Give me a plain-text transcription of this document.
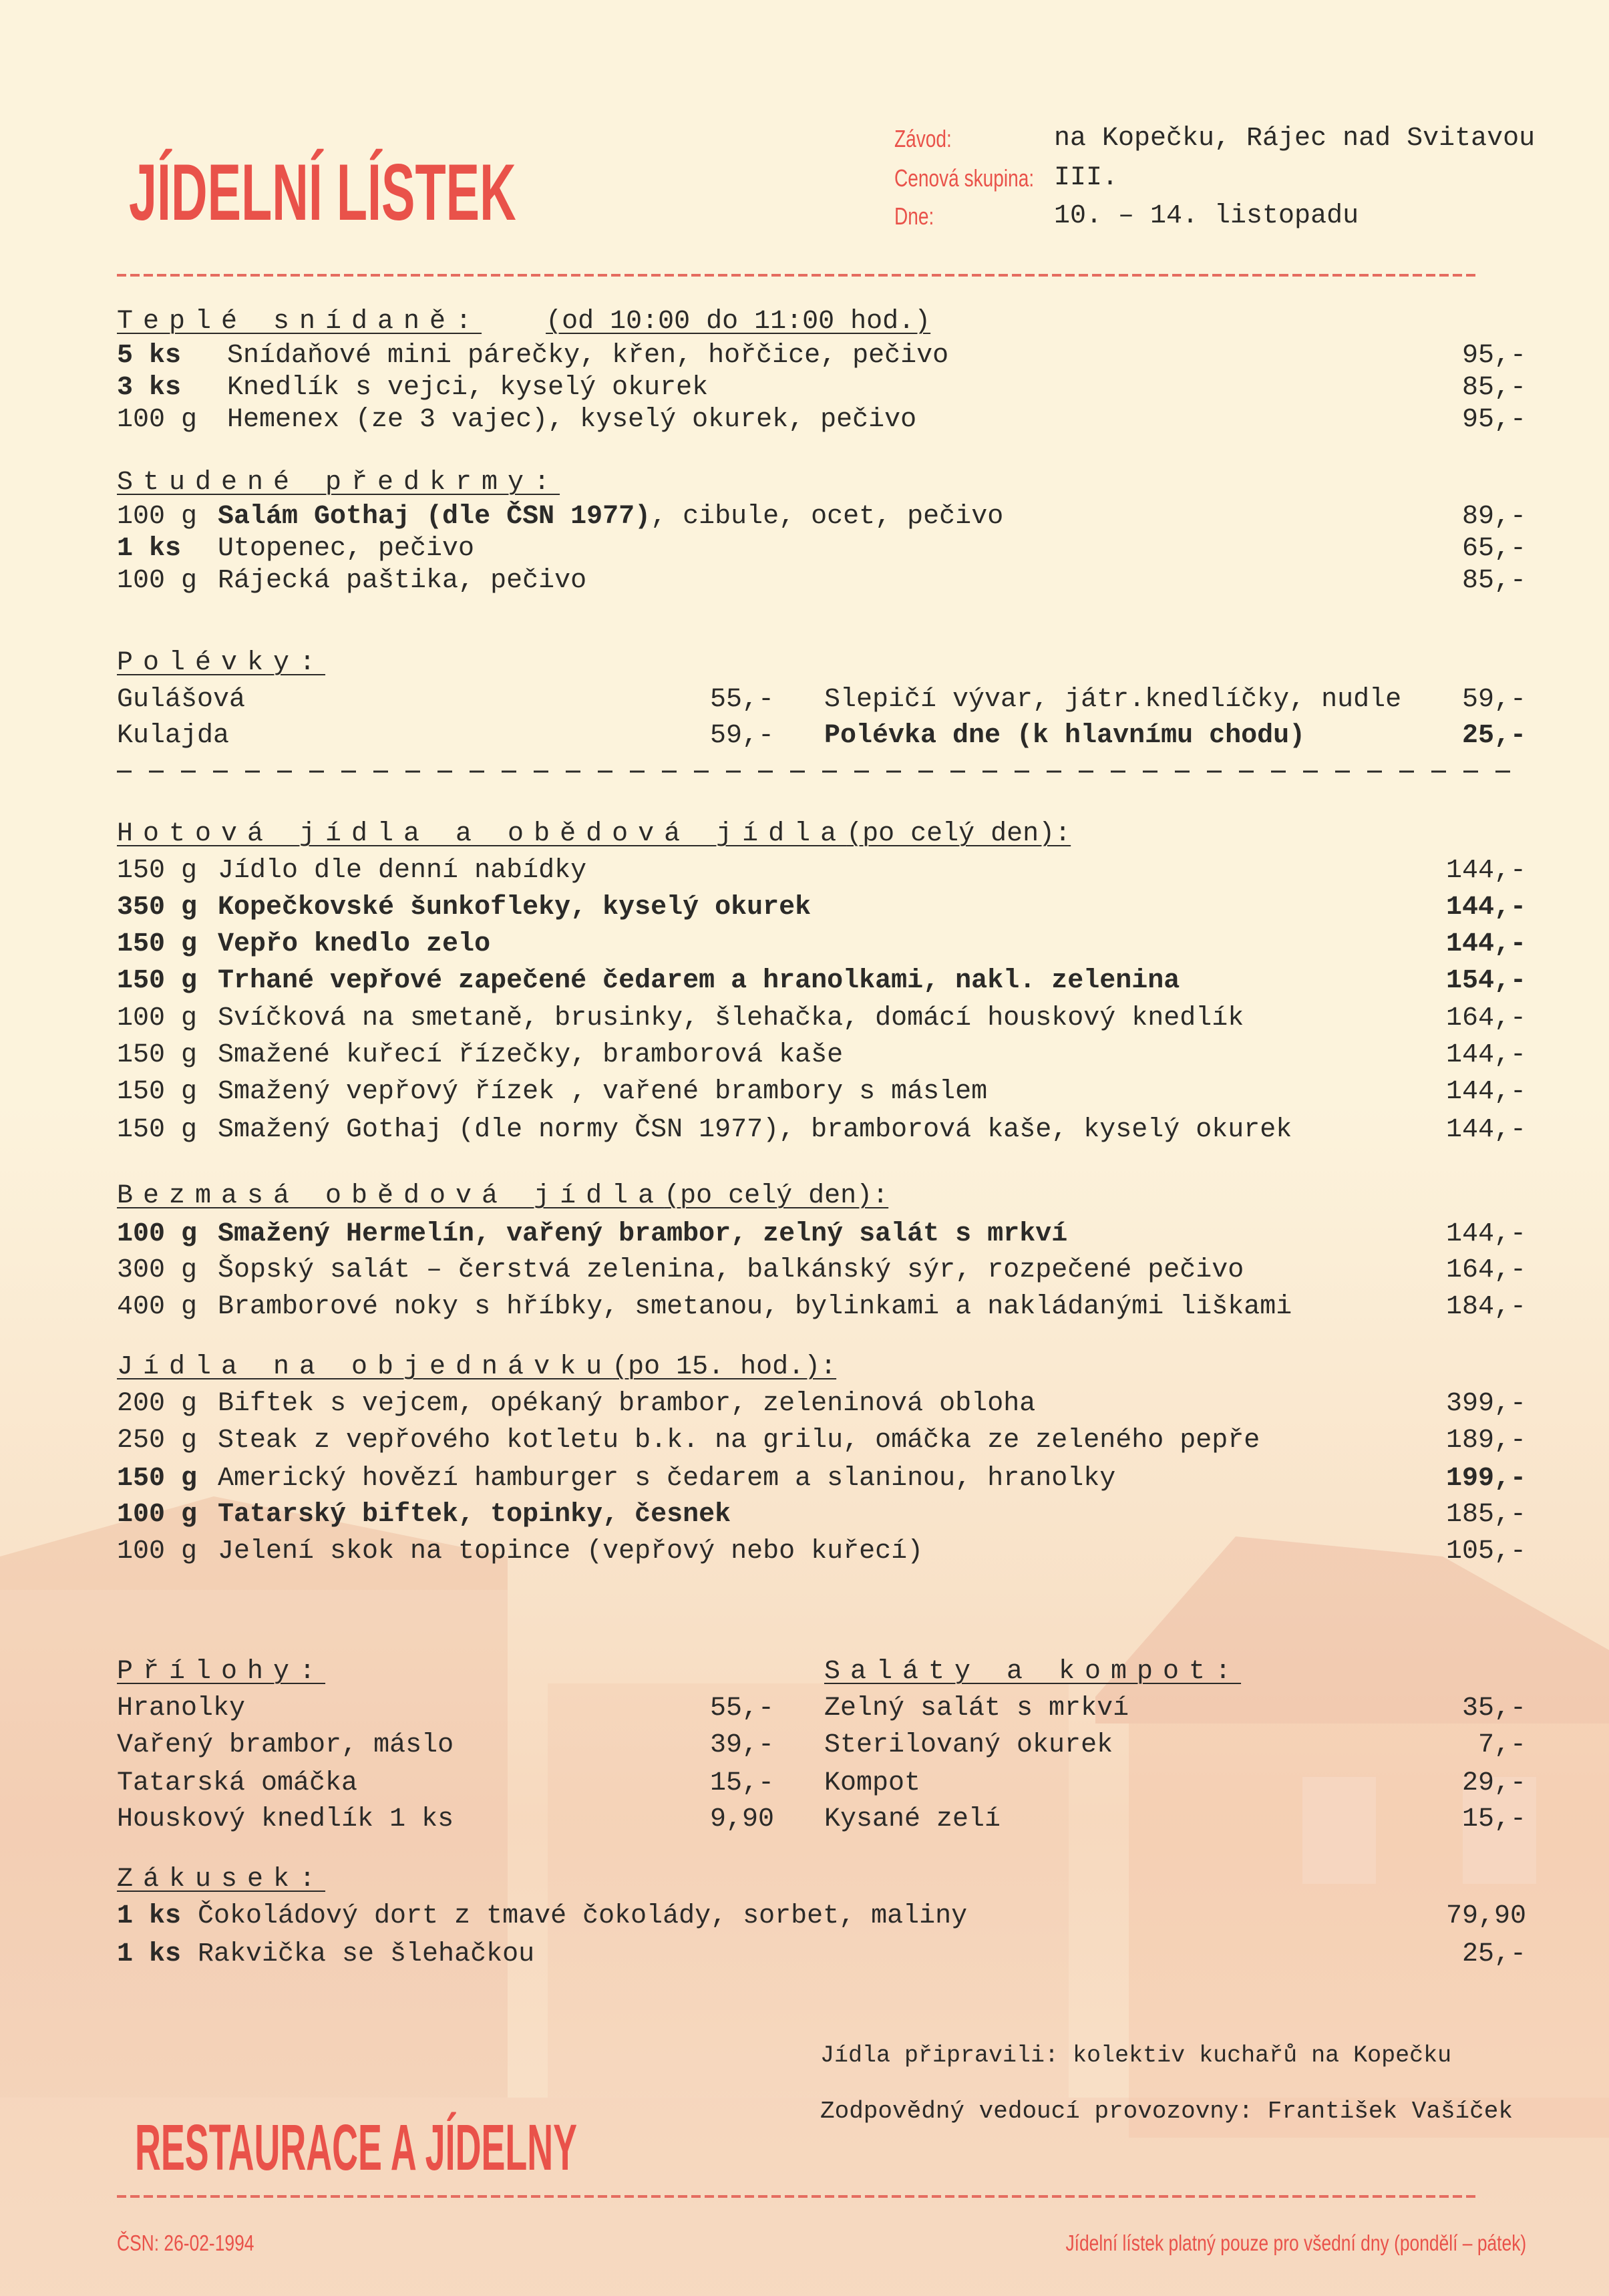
JÍDELNÍ LÍSTEK
Závod:	na Kopečku, Rájec nad Svitavou
Cenová skupina: III.
Dne:	10. – 14. listopadu
Teplé snídaně: (od 10:00 do 11:00 hod.)
5 ks Snídaňové mini párečky, křen, hořčice, pečivo	95,-
3 ks Knedlík s vejci, kyselý okurek	85,-
100 g Hemenex (ze 3 vajec), kyselý okurek, pečivo	95,-
Studené předkrmy:
100 g Salám Gothaj (dle ČSN 1977), cibule, ocet, pečivo	89,-
1 ks Utopenec, pečivo	65,-
100 g Rájecká paštika, pečivo	85,-
Polévky:
Gulášová	55,- Slepičí vývar, játr.knedlíčky, nudle 59,-
Kulajda	59,- Polévka dne (k hlavnímu chodu)	25,-
Hotová jídla a obědová jídla(po celý den):
150 g Jídlo dle denní nabídky	144,-
350 g Kopečkovské šunkofleky, kyselý okurek	144,-
150 g Vepřo knedlo zelo	144,-
150 g Trhané vepřové zapečené čedarem a hranolkami, nakl. zelenina	154,-
100 g Svíčková na smetaně, brusinky, šlehačka, domácí houskový knedlík	164,-
150 g Smažené kuřecí řízečky, bramborová kaše	144,-
150 g Smažený vepřový řízek , vařené brambory s máslem	144,-
150 g Smažený Gothaj (dle normy ČSN 1977), bramborová kaše, kyselý okurek	144,-
Bezmasá obědová jídla(po celý den):
100 g Smažený Hermelín, vařený brambor, zelný salát s mrkví	144,-
300 g Šopský salát – čerstvá zelenina, balkánský sýr, rozpečené pečivo	164,-
400 g Bramborové noky s hříbky, smetanou, bylinkami a nakládanými liškami	184,-
Jídla na objednávku(po 15. hod.):
200 g Biftek s vejcem, opékaný brambor, zeleninová obloha	399,-
250 g Steak z vepřového kotletu b.k. na grilu, omáčka ze zeleného pepře	189,-
150 g Americký hovězí hamburger s čedarem a slaninou, hranolky	199,-
100 g Tatarský biftek, topinky, česnek	185,-
100 g Jelení skok na topince (vepřový nebo kuřecí)	105,-
Přílohy:	Saláty a kompot:
Hranolky	55,- Zelný salát s mrkví	35,-
Vařený brambor, máslo	39,- Sterilovaný okurek	7,-
Tatarská omáčka	15,- Kompot	29,-
Houskový knedlík 1 ks	9,90 Kysané zelí	15,-
Zákusek:
1 ks Čokoládový dort z tmavé čokolády, sorbet, maliny	79,90
1 ks Rakvička se šlehačkou	25,-
Jídla připravili: kolektiv kuchařů na Kopečku
Zodpovědný vedoucí provozovny: František Vašíček
RESTAURACE A JÍDELNY
ČSN: 26-02-1994	Jídelní lístek platný pouze pro všední dny (pondělí – pátek)
